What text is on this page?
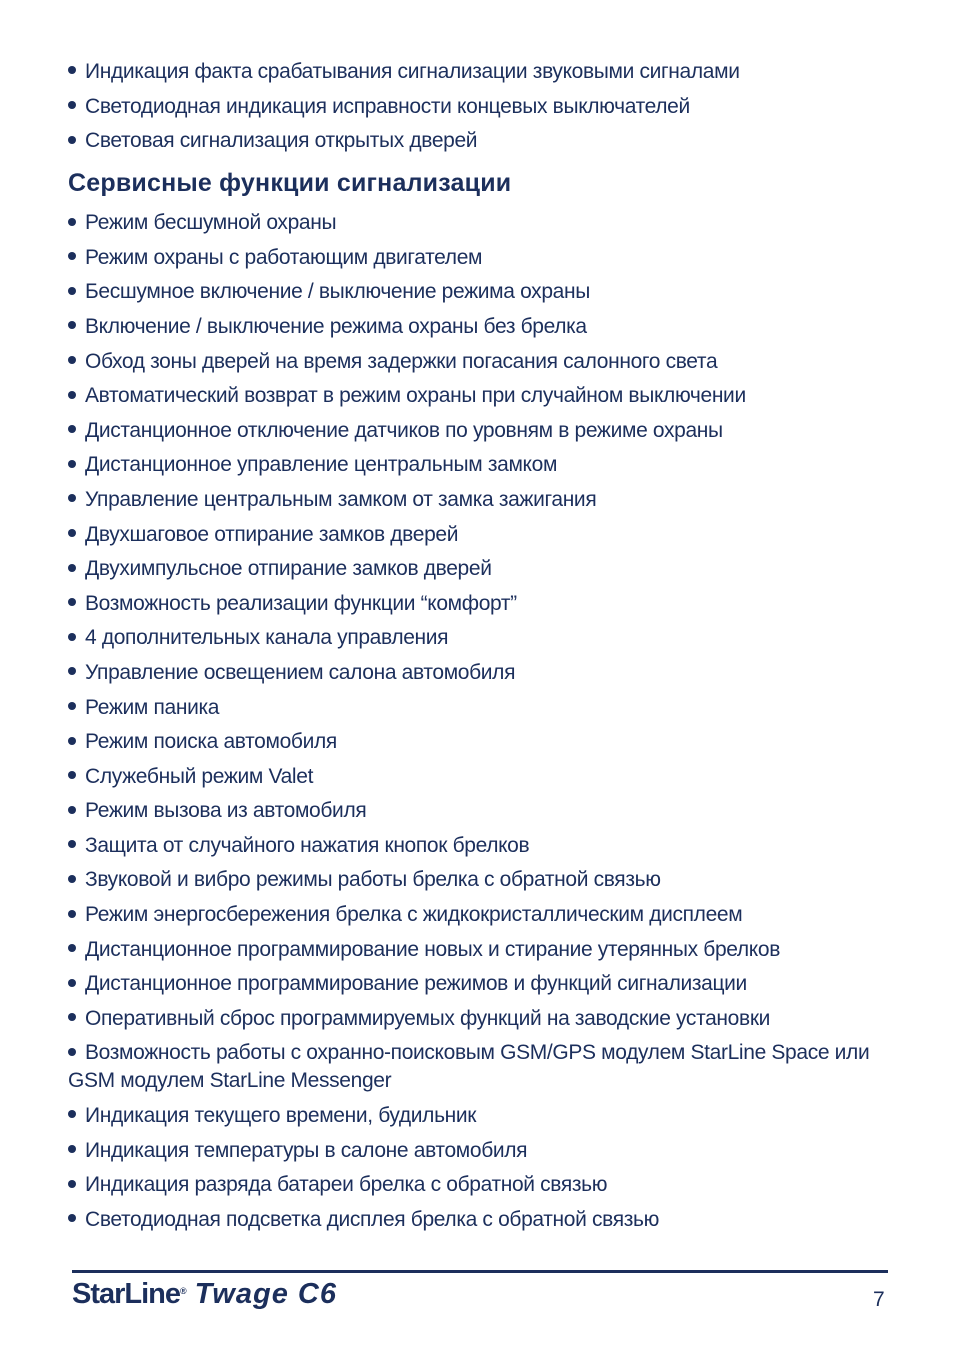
Индикация факта срабатывания сигнализации звуковыми сигналами
Светодиодная индикация исправности концевых выключателей
Световая сигнализация открытых дверей
Сервисные функции сигнализации
Режим бесшумной охраны
Режим охраны с работающим двигателем
Бесшумное включение / выключение режима охраны
Включение / выключение режима охраны без брелка
Обход зоны дверей на время задержки погасания салонного света
Автоматический возврат в режим охраны при случайном выключении
Дистанционное отключение датчиков по уровням в режиме охраны
Дистанционное управление центральным замком
Управление центральным замком от замка зажигания
Двухшаговое отпирание замков дверей
Двухимпульсное отпирание замков дверей
Возможность реализации функции “комфорт”
4 дополнительных канала управления
Управление освещением салона автомобиля
Режим паника
Режим поиска автомобиля
Служебный режим Valet
Режим вызова из автомобиля
Защита от случайного нажатия кнопок брелков
Звуковой и вибро режимы работы брелка с обратной связью
Режим энергосбережения брелка с жидкокристаллическим дисплеем
Дистанционное программирование новых и стирание утерянных брелков
Дистанционное программирование режимов и функций сигнализации
Оперативный сброс программируемых функций на заводские установки
Возможность работы с охранно-поисковым GSM/GPS модулем StarLine Space или GSM модулем StarLine Messenger
Индикация текущего времени, будильник
Индикация температуры в салоне автомобиля
Индикация разряда батареи брелка с обратной связью
Светодиодная подсветка дисплея брелка с обратной связью
StarLine® Twage C6	7
